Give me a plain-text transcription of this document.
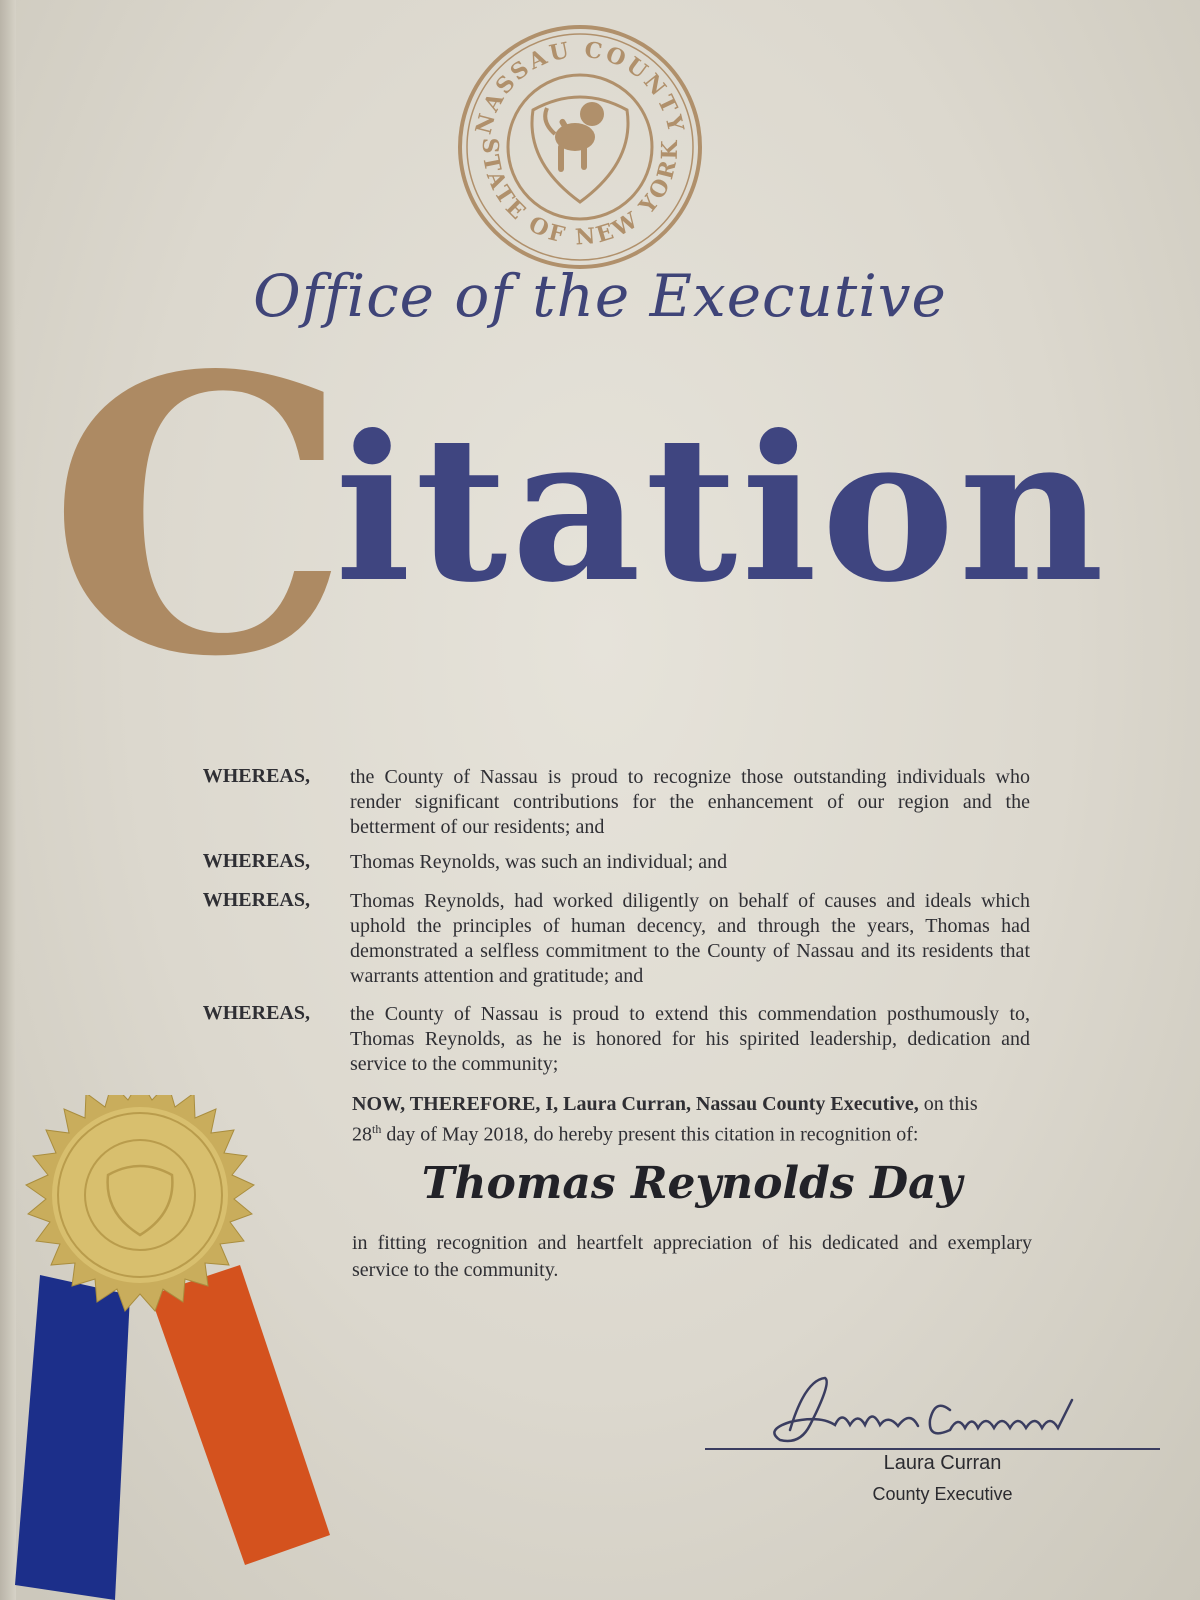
NASSAU COUNTY
STATE OF NEW YORK
Office of the Executive
C
itation
WHEREAS, the County of Nassau is proud to recognize those outstanding individuals who render significant contributions for the enhancement of our region and the betterment of our residents; and
WHEREAS, Thomas Reynolds, was such an individual; and
WHEREAS, Thomas Reynolds, had worked diligently on behalf of causes and ideals which uphold the principles of human decency, and through the years, Thomas had demonstrated a selfless commitment to the County of Nassau and its residents that warrants attention and gratitude; and
WHEREAS, the County of Nassau is proud to extend this commendation posthumously to, Thomas Reynolds, as he is honored for his spirited leadership, dedication and service to the community;
NOW, THEREFORE, I, Laura Curran, Nassau County Executive, on this
28th day of May 2018, do hereby present this citation in recognition of:
Thomas Reynolds Day
in fitting recognition and heartfelt appreciation of his dedicated and exemplary service to the community.
Laura Curran
County Executive
